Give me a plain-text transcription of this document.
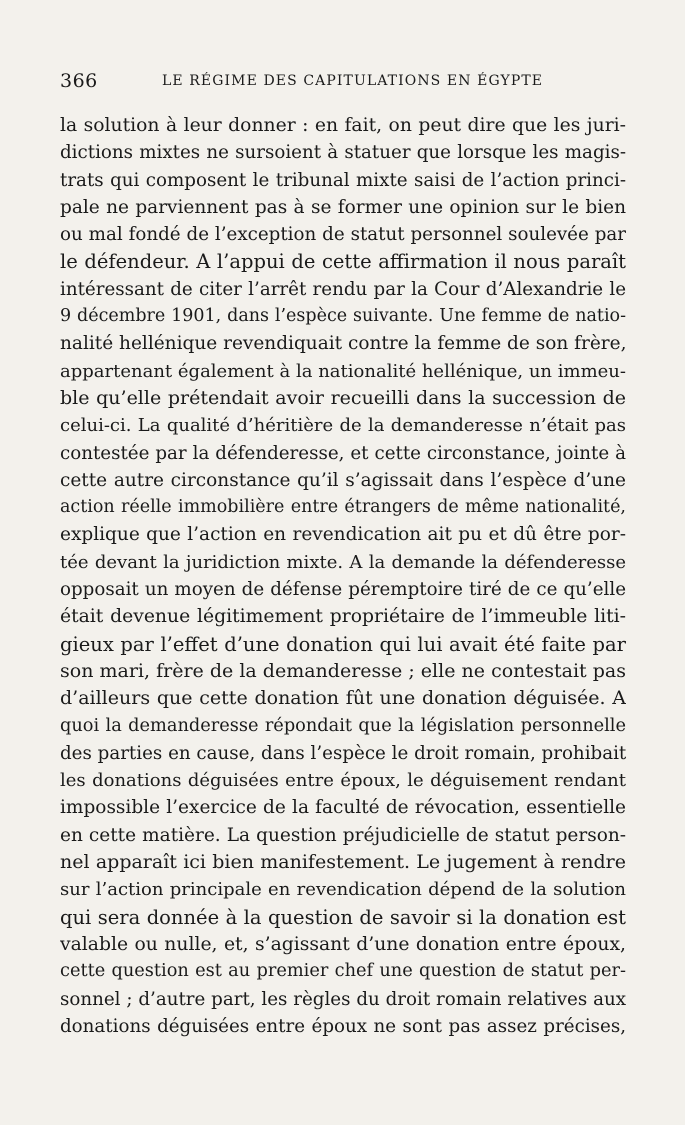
366	LE RÉGIME DES CAPITULATIONS EN ÉGYPTE
la solution à leur donner : en fait, on peut dire que les juri-
dictions mixtes ne sursoient à statuer que lorsque les magis-
trats qui composent le tribunal mixte saisi de l’action princi-
pale ne parviennent pas à se former une opinion sur le bien
ou mal fondé de l’exception de statut personnel soulevée par
le défendeur. A l’appui de cette affirmation il nous paraît
intéressant de citer l’arrêt rendu par la Cour d’Alexandrie le
9 décembre 1901, dans l’espèce suivante. Une femme de natio-
nalité hellénique revendiquait contre la femme de son frère,
appartenant également à la nationalité hellénique, un immeu-
ble qu’elle prétendait avoir recueilli dans la succession de
celui-ci. La qualité d’héritière de la demanderesse n’était pas
contestée par la défenderesse, et cette circonstance, jointe à
cette autre circonstance qu’il s’agissait dans l’espèce d’une
action réelle immobilière entre étrangers de même nationalité,
explique que l’action en revendication ait pu et dû être por-
tée devant la juridiction mixte. A la demande la défenderesse
opposait un moyen de défense péremptoire tiré de ce qu’elle
était devenue légitimement propriétaire de l’immeuble liti-
gieux par l’effet d’une donation qui lui avait été faite par
son mari, frère de la demanderesse ; elle ne contestait pas
d’ailleurs que cette donation fût une donation déguisée. A
quoi la demanderesse répondait que la législation personnelle
des parties en cause, dans l’espèce le droit romain, prohibait
les donations déguisées entre époux, le déguisement rendant
impossible l’exercice de la faculté de révocation, essentielle
en cette matière. La question préjudicielle de statut person-
nel apparaît ici bien manifestement. Le jugement à rendre
sur l’action principale en revendication dépend de la solution
qui sera donnée à la question de savoir si la donation est
valable ou nulle, et, s’agissant d’une donation entre époux,
cette question est au premier chef une question de statut per-
sonnel ; d’autre part, les règles du droit romain relatives aux
donations déguisées entre époux ne sont pas assez précises,
